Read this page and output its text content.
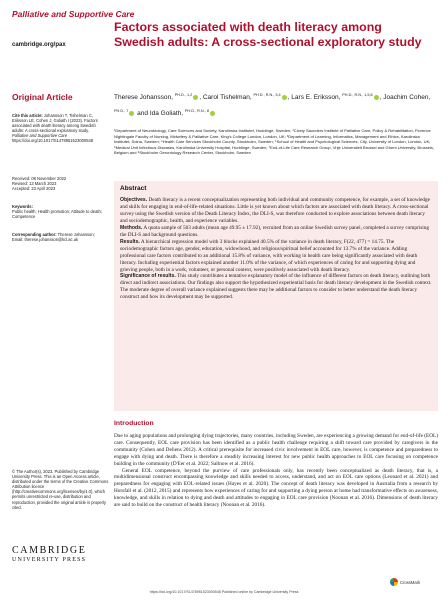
Palliative and Supportive Care
cambridge.org/pax
Original Article
Cite this article: Johansson T, Tishelman C, Eriksson LE, Cohen J, Goliath I (2023). Factors associated with death literacy among Swedish adults: A cross-sectional exploratory study. Palliative and Supportive Care https://doi.org/10.1017/S1478951523000548
Received: 08 November 2022
Revised: 13 March 2023
Accepted: 23 April 2023
Keywords:
Public health; Health promotion; Attitude to death; Competence
Corresponding author: Therese Johansson;
Email: therese.johansson@kcl.ac.uk
© The Author(s), 2023. Published by Cambridge University Press. This is an Open Access article, distributed under the terms of the Creative Commons Attribution licence (http://creativecommons.org/licenses/by/4.0), which permits unrestricted re-use, distribution and reproduction, provided the original article is properly cited.
CAMBRIDGE
UNIVERSITY PRESS
Factors associated with death literacy among Swedish adults: A cross-sectional exploratory study
Therese Johansson, $^{PH.D., 1,2}$ , Carol Tishelman, $^{PH.D., R.N., 3,4}$ , Lars E. Eriksson, $^{PH.D., R.N., 1,5,6}$ , Joachim Cohen, $^{PH.D., 7}$ and Ida Goliath, $^{PH.D., R.N., 8}$
¹Department of Neurobiology, Care Sciences and Society, Karolinska Institutet, Huddinge, Sweden; ²Cicely Saunders Institute of Palliative Care, Policy & Rehabilitation, Florence Nightingale Faculty of Nursing, Midwifery & Palliative Care, King's College London, London, UK; ³Department of Learning, Informatics, Management and Ethics, Karolinska Institutet, Solna, Sweden; ⁴Health Care Services Stockholm County, Stockholm, Sweden; ⁵School of Health and Psychological Sciences, City, University of London, London, UK; ⁶Medical Unit Infectious Diseases, Karolinska University Hospital, Huddinge, Sweden; ⁷End-of-Life Care Research Group, Vrije Universiteit Brussel and Ghent University, Brussels, Belgium and ⁸Stockholm Gerontology Research Center, Stockholm, Sweden
Abstract

Objectives. Death literacy is a recent conceptualization representing both individual and community competence, for example, a set of knowledge and skills for engaging in end-of-life-related situations. Little is yet known about which factors are associated with death literacy. A cross-sectional survey using the Swedish version of the Death Literacy Index, the DLI-S, was therefore conducted to explore associations between death literacy and sociodemographic, health, and experience variables.

Methods. A quota sample of 503 adults (mean age 49.95 ± 17.92), recruited from an online Swedish survey panel, completed a survey comprising the DLI-S and background questions.

Results. A hierarchical regression model with 3 blocks explained 40.5% of the variance in death literacy, F(22, 477) = 14.75. The sociodemographic factors age, gender, education, widowhood, and religious/spiritual belief accounted for 13.7% of the variance. Adding professional care factors contributed to an additional 15.8% of variance, with working in health care being significantly associated with death literacy. Including experiential factors explained another 11.0% of the variance, of which experiences of caring for and supporting dying and grieving people, both in a work, volunteer, or personal context, were positively associated with death literacy.

Significance of results. This study contributes a tentative explanatory model of the influence of different factors on death literacy, outlining both direct and indirect associations. Our findings also support the hypothesized experiential basis for death literacy development in the Swedish context. The moderate degree of overall variance explained suggests there may be additional factors to consider to better understand the death literacy construct and how its development may be supported.

Introduction

Due to aging populations and prolonging dying trajectories, many countries, including Sweden, are experiencing a growing demand for end-of-life (EOL) care. Consequently, EOL care provision has been identified as a public health challenge requiring a shift toward care provided by caregivers in the community (Cohen and Deliens 2012). A critical prerequisite for increased civic involvement in EOL care, however, is competence and preparedness to engage with dying and death. There is therefore a steadily increasing interest for new public health approaches to EOL care focusing on competence building in the community (D'Eer et al. 2022; Sallnow et al. 2016).

General EOL competence, beyond the purview of care professionals only, has recently been conceptualized as death literacy, that is, a multidimensional construct encompassing knowledge and skills needed to access, understand, and act on EOL care options (Leonard et al. 2021) and preparedness for engaging with EOL-related issues (Hayes et al. 2020). The concept of death literacy was developed in Australia from a research by Horsfall et al. (2012, 2015) and represents how experiences of caring for and supporting a dying person at home had transformative effects on awareness, knowledge, and skills in relation to dying and death and attitudes to engaging in EOL care provision (Noonan et al. 2016). Dimensions of death literacy are said to build on the construct of health literacy (Noonan et al. 2016).

CrossMark
https://doi.org/10.1017/S1478951523000548 Published online by Cambridge University Press
